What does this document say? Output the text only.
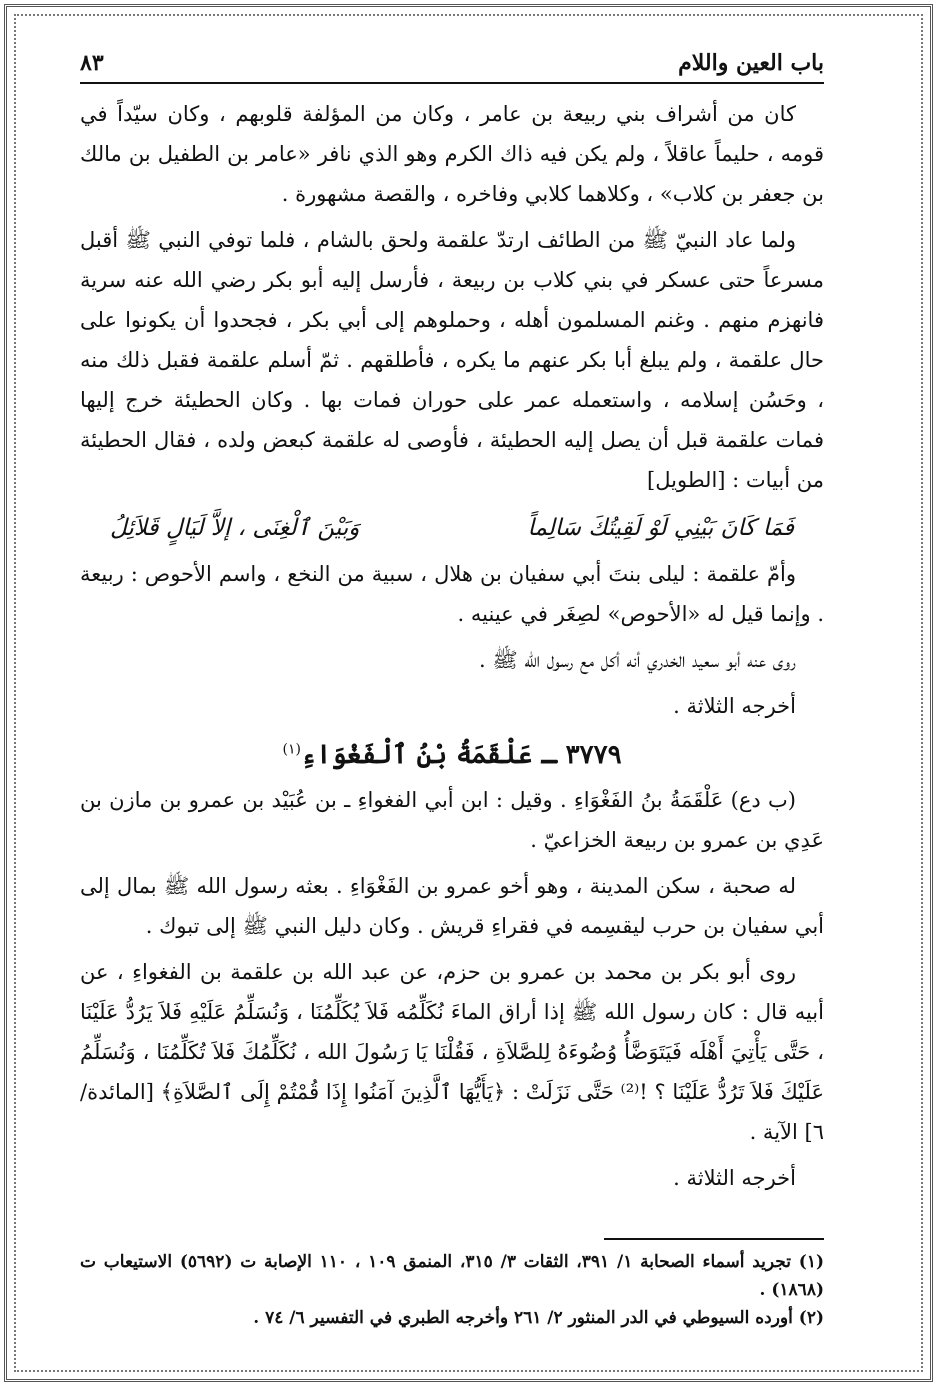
باب العين واللام
٨٣

كان من أشراف بني ربيعة بن عامر ، وكان من المؤلفة قلوبهم ، وكان سيّداً في قومه ، حليماً عاقلاً ، ولم يكن فيه ذاك الكرم وهو الذي نافر «عامر بن الطفيل بن مالك بن جعفر بن كلاب» ، وكلاهما كلابي وفاخره ، والقصة مشهورة .

ولما عاد النبيّ ﷺ من الطائف ارتدّ علقمة ولحق بالشام ، فلما توفي النبي ﷺ أقبل مسرعاً حتى عسكر في بني كلاب بن ربيعة ، فأرسل إليه أبو بكر رضي الله عنه سرية فانهزم منهم . وغنم المسلمون أهله ، وحملوهم إلى أبي بكر ، فجحدوا أن يكونوا على حال علقمة ، ولم يبلغ أبا بكر عنهم ما يكره ، فأطلقهم . ثمّ أسلم علقمة فقبل ذلك منه ، وحَسُن إسلامه ، واستعمله عمر على حوران فمات بها . وكان الحطيئة خرج إليها فمات علقمة قبل أن يصل إليه الحطيئة ، فأوصى له علقمة كبعض ولده ، فقال الحطيئة من أبيات : [الطويل]

فَمَا كَانَ بَيْنِي لَوْ لَقِيتُكَ سَالِماً
وَبَيْنَ ٱلْغِنَى ، إلاَّ لَيَالٍ قَلاَئِلُ

وأمّ علقمة : ليلى بنتَ أبي سفيان بن هلال ، سبية من النخع ، واسم الأحوص : ربيعة . وإنما قيل له «الأحوص» لصِغَر في عينيه .

روى عنه أبو سعيد الخدري أنه أكل مع رسول الله ﷺ .

أخرجه الثلاثة .

٣٧٧٩ ـ عَلْقَمَةُ بْنُ ٱلْفَغْوَاءِ$^{(١)}$

(ب دع) عَلْقَمَةُ بنُ الفَغْوَاءِ . وقيل : ابن أبي الفغواءِ ـ بن عُبَيْد بن عمرو بن مازن بن عَدِي بن عمرو بن ربيعة الخزاعيّ .

له صحبة ، سكن المدينة ، وهو أخو عمرو بن الفَغْوَاءِ . بعثه رسول الله ﷺ بمال إلى أبي سفيان بن حرب ليقسِمه في فقراءِ قريش . وكان دليل النبي ﷺ إلى تبوك .

روى أبو بكر بن محمد بن عمرو بن حزم، عن عبد الله بن علقمة بن الفغواءِ ، عن أبيه قال : كان رسول الله ﷺ إذا أراق الماءَ نُكَلِّمُه فَلاَ يُكَلِّمُنَا ، وَنُسَلِّمُ عَلَيْهِ فَلاَ يَرُدُّ عَلَيْنَا ، حَتَّى يَأْتِيَ أَهْلَه فَيَتَوَضَّأُ وُضُوءَهُ لِلصَّلاَةِ ، فَقُلْنَا يَا رَسُولَ الله ، نُكَلِّمُكَ فَلاَ تُكَلِّمُنَا ، وَنُسَلِّمُ عَلَيْكَ فَلاَ تَرُدُّ عَلَيْنَا ؟ !⁽²⁾ حَتَّى نَزَلَتْ : ﴿يَأَيُّهَا ٱلَّذِينَ آمَنُوا إِذَا قُمْتُمْ إِلَى ٱلصَّلاَةِ﴾ [المائدة/ ٦] الآية .

أخرجه الثلاثة .

(١) تجريد أسماء الصحابة ١/ ٣٩١، الثقات ٣/ ٣١٥، المنمق ١٠٩ ، ١١٠ الإصابة ت (٥٦٩٢) الاستيعاب ت (١٨٦٨) .

(٢) أورده السيوطي في الدر المنثور ٢/ ٢٦١ وأخرجه الطبري في التفسير ٦/ ٧٤ .
